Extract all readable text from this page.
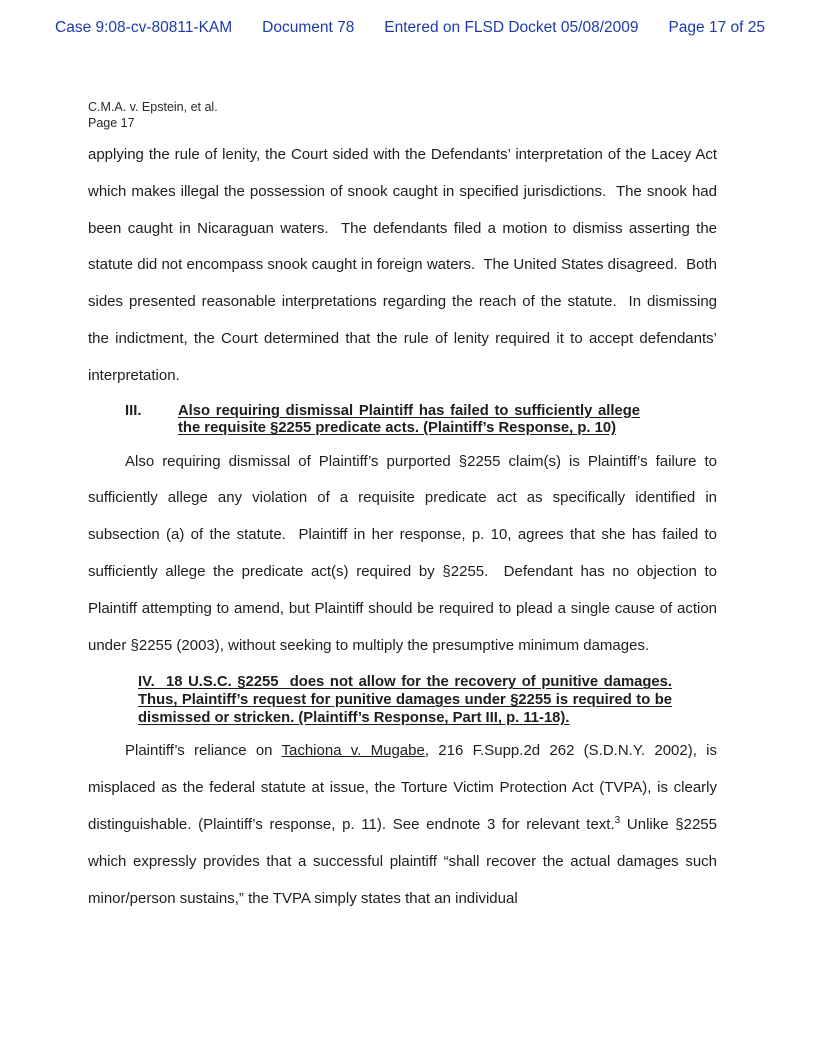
Case 9:08-cv-80811-KAM Document 78 Entered on FLSD Docket 05/08/2009 Page 17 of 25
C.M.A. v. Epstein, et al.
Page 17

applying the rule of lenity, the Court sided with the Defendants’ interpretation of the Lacey Act which makes illegal the possession of snook caught in specified jurisdictions.  The snook had been caught in Nicaraguan waters.  The defendants filed a motion to dismiss asserting the statute did not encompass snook caught in foreign waters.  The United States disagreed.  Both sides presented reasonable interpretations regarding the reach of the statute.  In dismissing the indictment, the Court determined that the rule of lenity required it to accept defendants’ interpretation.

III.	Also requiring dismissal Plaintiff has failed to sufficiently allege
the requisite §2255 predicate acts. (Plaintiff’s Response, p. 10)

Also requiring dismissal of Plaintiff’s purported §2255 claim(s) is Plaintiff’s failure to sufficiently allege any violation of a requisite predicate act as specifically identified in subsection (a) of the statute.  Plaintiff in her response, p. 10, agrees that she has failed to sufficiently allege the predicate act(s) required by §2255.  Defendant has no objection to Plaintiff attempting to amend, but Plaintiff should be required to plead a single cause of action under §2255 (2003), without seeking to multiply the presumptive minimum damages.

IV.  18 U.S.C. §2255  does not allow for the recovery of punitive damages.
Thus, Plaintiff’s request for punitive damages under §2255 is required to be
dismissed or stricken. (Plaintiff’s Response, Part III, p. 11-18).

Plaintiff’s reliance on Tachiona v. Mugabe, 216 F.Supp.2d 262 (S.D.N.Y. 2002), is misplaced as the federal statute at issue, the Torture Victim Protection Act (TVPA), is clearly distinguishable. (Plaintiff’s response, p. 11). See endnote 3 for relevant text.$^3$ Unlike §2255 which expressly provides that a successful plaintiff “shall recover the actual damages such minor/person sustains,” the TVPA simply states that an individual
